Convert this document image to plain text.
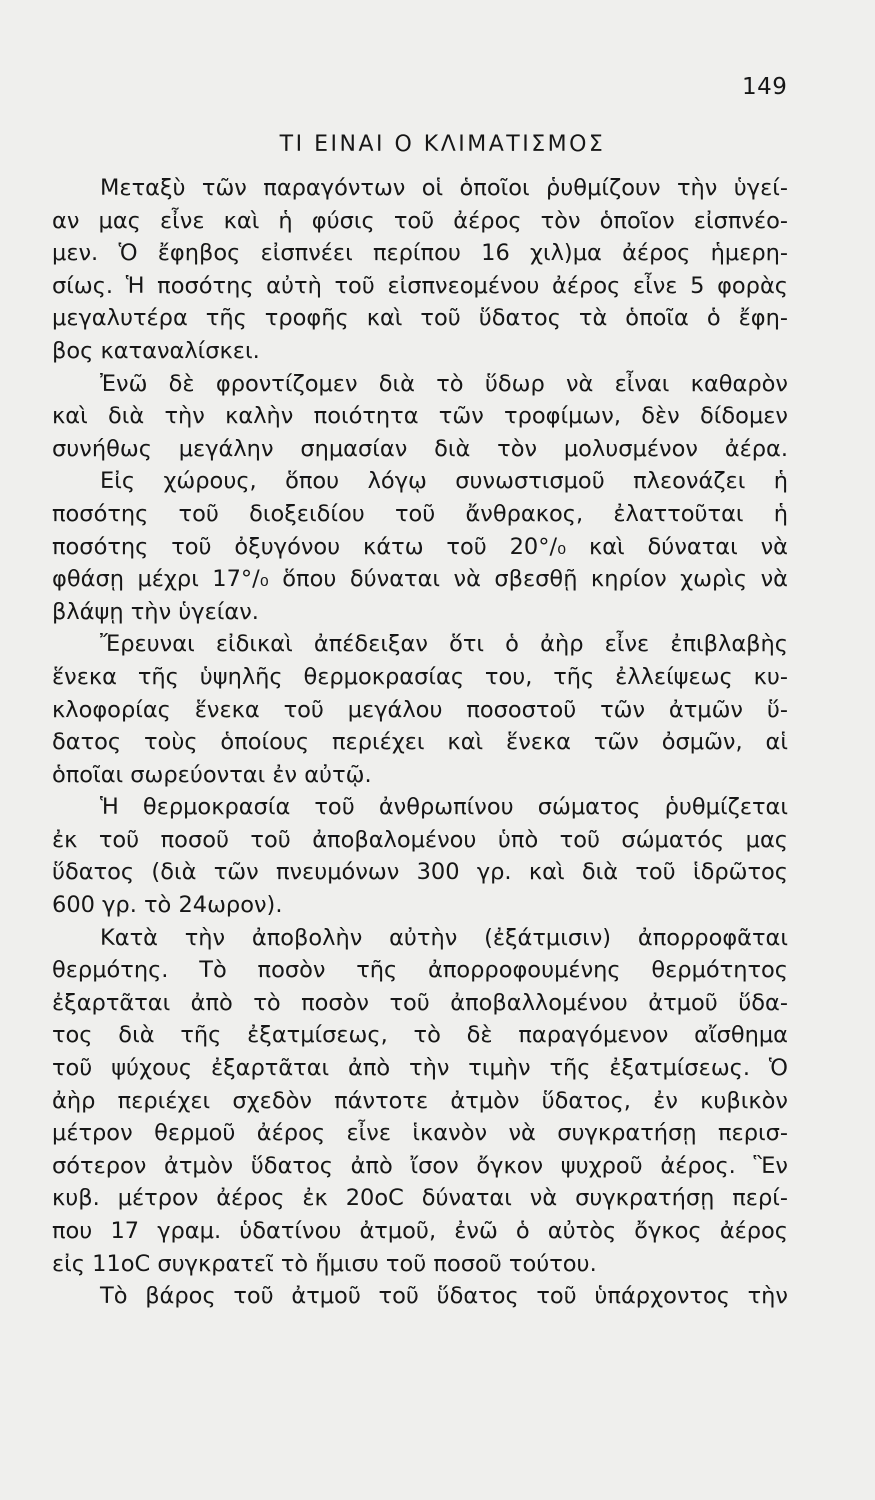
149
ΤΙ ΕΙΝΑΙ Ο ΚΛΙΜΑΤΙΣΜΟΣ
Μεταξὺ τῶν παραγόντων οἱ ὁποῖοι ῥυθμίζουν τὴν ὑγεί-
αν μας εἶνε καὶ ἡ φύσις τοῦ ἀέρος τὸν ὁποῖον εἰσπνέο-
μεν. Ὁ ἔφηβος εἰσπνέει περίπου 16 χιλ)μα ἀέρος ἡμερη-
σίως. Ἡ ποσότης αὐτὴ τοῦ εἰσπνεομένου ἀέρος εἶνε 5 φορὰς
μεγαλυτέρα τῆς τροφῆς καὶ τοῦ ὕδατος τὰ ὁποῖα ὁ ἔφη-
βος καταναλίσκει.
Ἐνῶ δὲ φροντίζομεν διὰ τὸ ὕδωρ νὰ εἶναι καθαρὸν
καὶ διὰ τὴν καλὴν ποιότητα τῶν τροφίμων, δὲν δίδομεν
συνήθως μεγάλην σημασίαν διὰ τὸν μολυσμένον ἀέρα.
Εἰς χώρους, ὅπου λόγῳ συνωστισμοῦ πλεονάζει ἡ
ποσότης τοῦ διοξειδίου τοῦ ἄνθρακος, ἐλαττοῦται ἡ
ποσότης τοῦ ὀξυγόνου κάτω τοῦ 20°/₀ καὶ δύναται νὰ
φθάσῃ μέχρι 17°/₀ ὅπου δύναται νὰ σβεσθῇ κηρίον χωρὶς νὰ
βλάψῃ τὴν ὑγείαν.
Ἔρευναι εἰδικαὶ ἀπέδειξαν ὅτι ὁ ἀὴρ εἶνε ἐπιβλαβὴς
ἕνεκα τῆς ὑψηλῆς θερμοκρασίας του, τῆς ἐλλείψεως κυ-
κλοφορίας ἕνεκα τοῦ μεγάλου ποσοστοῦ τῶν ἀτμῶν ὕ-
δατος τοὺς ὁποίους περιέχει καὶ ἕνεκα τῶν ὀσμῶν, αἱ
ὁποῖαι σωρεύονται ἐν αὐτῷ.
Ἡ θερμοκρασία τοῦ ἀνθρωπίνου σώματος ῥυθμίζεται
ἐκ τοῦ ποσοῦ τοῦ ἀποβαλομένου ὑπὸ τοῦ σώματός μας
ὕδατος (διὰ τῶν πνευμόνων 300 γρ. καὶ διὰ τοῦ ἱδρῶτος
600 γρ. τὸ 24ωρον).
Κατὰ τὴν ἀποβολὴν αὐτὴν (ἐξάτμισιν) ἀπορροφᾶται
θερμότης. Τὸ ποσὸν τῆς ἀπορροφουμένης θερμότητος
ἐξαρτᾶται ἀπὸ τὸ ποσὸν τοῦ ἀποβαλλομένου ἀτμοῦ ὕδα-
τος διὰ τῆς ἐξατμίσεως, τὸ δὲ παραγόμενον αἴσθημα
τοῦ ψύχους ἐξαρτᾶται ἀπὸ τὴν τιμὴν τῆς ἐξατμίσεως. Ὁ
ἀὴρ περιέχει σχεδὸν πάντοτε ἀτμὸν ὕδατος, ἐν κυβικὸν
μέτρον θερμοῦ ἀέρος εἶνε ἱκανὸν νὰ συγκρατήσῃ περισ-
σότερον ἀτμὸν ὕδατος ἀπὸ ἴσον ὄγκον ψυχροῦ ἀέρος. Ἓν
κυβ. μέτρον ἀέρος ἐκ 20οC δύναται νὰ συγκρατήσῃ περί-
που 17 γραμ. ὑδατίνου ἀτμοῦ, ἐνῶ ὁ αὐτὸς ὄγκος ἀέρος
εἰς 11οC συγκρατεῖ τὸ ἥμισυ τοῦ ποσοῦ τούτου.
Τὸ βάρος τοῦ ἀτμοῦ τοῦ ὕδατος τοῦ ὑπάρχοντος τὴν
